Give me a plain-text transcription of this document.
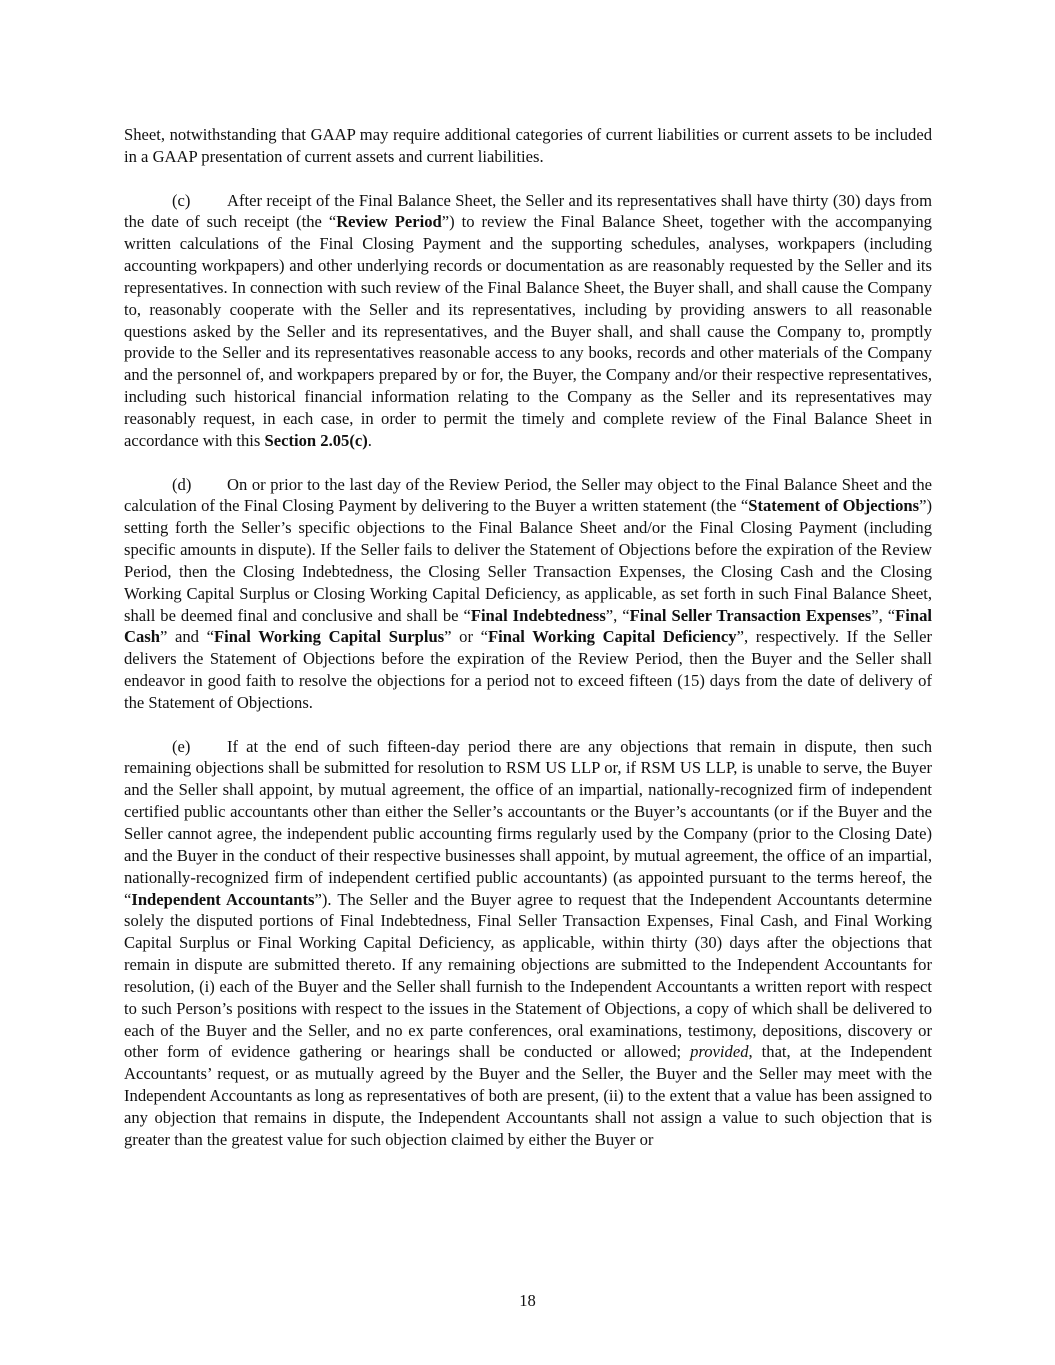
Sheet, notwithstanding that GAAP may require additional categories of current liabilities or current assets to be included in a GAAP presentation of current assets and current liabilities.

(c) After receipt of the Final Balance Sheet, the Seller and its representatives shall have thirty (30) days from the date of such receipt (the “Review Period”) to review the Final Balance Sheet, together with the accompanying written calculations of the Final Closing Payment and the supporting schedules, analyses, workpapers (including accounting workpapers) and other underlying records or documentation as are reasonably requested by the Seller and its representatives. In connection with such review of the Final Balance Sheet, the Buyer shall, and shall cause the Company to, reasonably cooperate with the Seller and its representatives, including by providing answers to all reasonable questions asked by the Seller and its representatives, and the Buyer shall, and shall cause the Company to, promptly provide to the Seller and its representatives reasonable access to any books, records and other materials of the Company and the personnel of, and workpapers prepared by or for, the Buyer, the Company and/or their respective representatives, including such historical financial information relating to the Company as the Seller and its representatives may reasonably request, in each case, in order to permit the timely and complete review of the Final Balance Sheet in accordance with this Section 2.05(c).

(d) On or prior to the last day of the Review Period, the Seller may object to the Final Balance Sheet and the calculation of the Final Closing Payment by delivering to the Buyer a written statement (the “Statement of Objections”) setting forth the Seller’s specific objections to the Final Balance Sheet and/or the Final Closing Payment (including specific amounts in dispute). If the Seller fails to deliver the Statement of Objections before the expiration of the Review Period, then the Closing Indebtedness, the Closing Seller Transaction Expenses, the Closing Cash and the Closing Working Capital Surplus or Closing Working Capital Deficiency, as applicable, as set forth in such Final Balance Sheet, shall be deemed final and conclusive and shall be “Final Indebtedness”, “Final Seller Transaction Expenses”, “Final Cash” and “Final Working Capital Surplus” or “Final Working Capital Deficiency”, respectively. If the Seller delivers the Statement of Objections before the expiration of the Review Period, then the Buyer and the Seller shall endeavor in good faith to resolve the objections for a period not to exceed fifteen (15) days from the date of delivery of the Statement of Objections.

(e) If at the end of such fifteen-day period there are any objections that remain in dispute, then such remaining objections shall be submitted for resolution to RSM US LLP or, if RSM US LLP, is unable to serve, the Buyer and the Seller shall appoint, by mutual agreement, the office of an impartial, nationally-recognized firm of independent certified public accountants other than either the Seller’s accountants or the Buyer’s accountants (or if the Buyer and the Seller cannot agree, the independent public accounting firms regularly used by the Company (prior to the Closing Date) and the Buyer in the conduct of their respective businesses shall appoint, by mutual agreement, the office of an impartial, nationally-recognized firm of independent certified public accountants) (as appointed pursuant to the terms hereof, the “Independent Accountants”). The Seller and the Buyer agree to request that the Independent Accountants determine solely the disputed portions of Final Indebtedness, Final Seller Transaction Expenses, Final Cash, and Final Working Capital Surplus or Final Working Capital Deficiency, as applicable, within thirty (30) days after the objections that remain in dispute are submitted thereto. If any remaining objections are submitted to the Independent Accountants for resolution, (i) each of the Buyer and the Seller shall furnish to the Independent Accountants a written report with respect to such Person’s positions with respect to the issues in the Statement of Objections, a copy of which shall be delivered to each of the Buyer and the Seller, and no ex parte conferences, oral examinations, testimony, depositions, discovery or other form of evidence gathering or hearings shall be conducted or allowed; provided, that, at the Independent Accountants’ request, or as mutually agreed by the Buyer and the Seller, the Buyer and the Seller may meet with the Independent Accountants as long as representatives of both are present, (ii) to the extent that a value has been assigned to any objection that remains in dispute, the Independent Accountants shall not assign a value to such objection that is greater than the greatest value for such objection claimed by either the Buyer or

18
